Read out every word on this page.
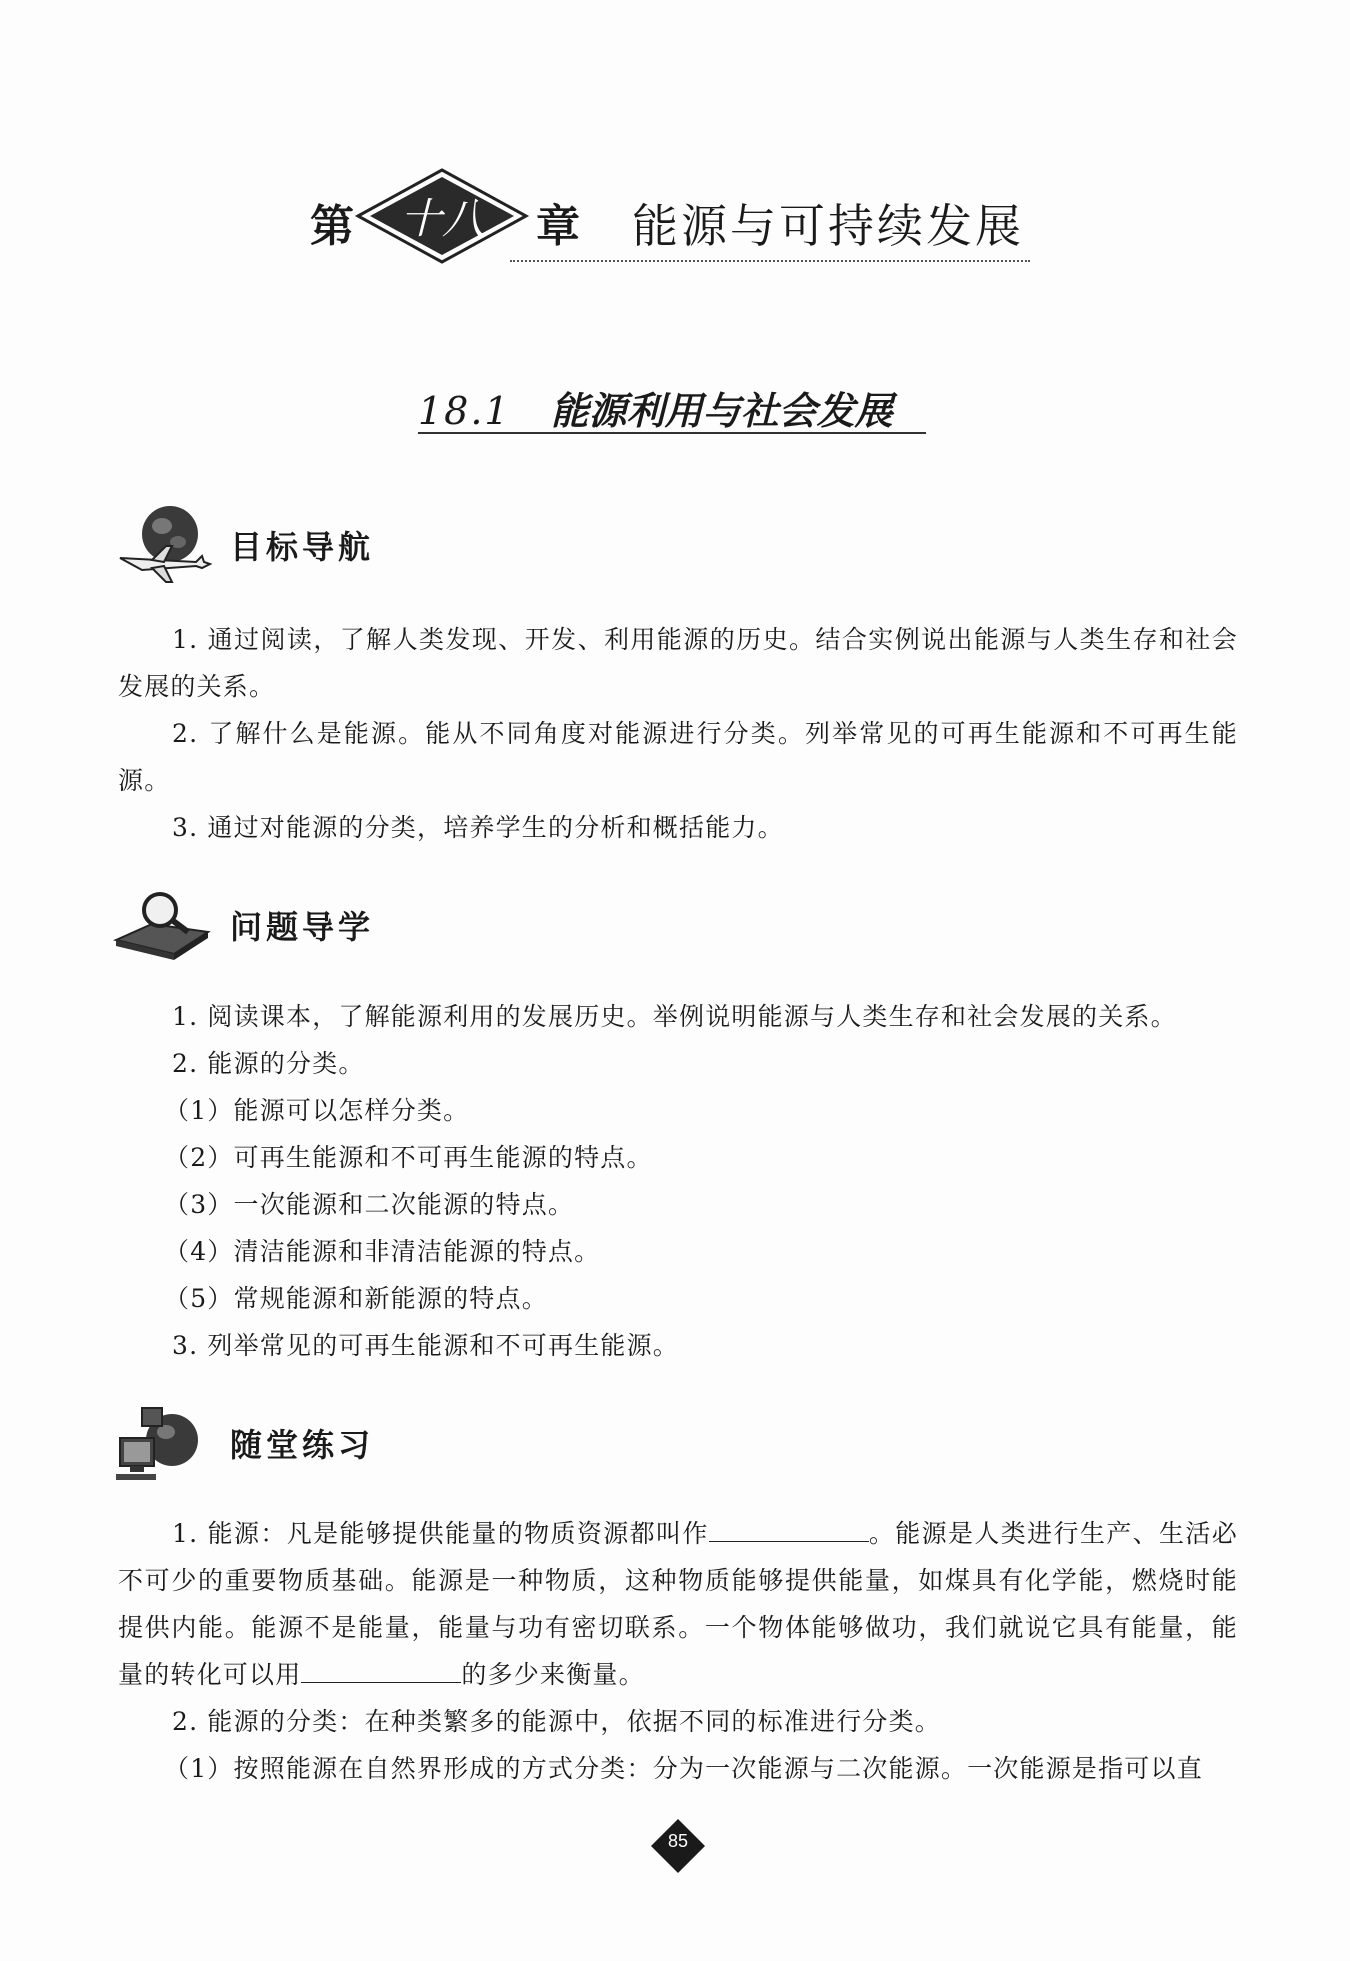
第	十八	章 能源与可持续发展
18.1 能源利用与社会发展
目标导航
1. 通过阅读，了解人类发现、开发、利用能源的历史。结合实例说出能源与人类生存和社会发展的关系。
2. 了解什么是能源。能从不同角度对能源进行分类。列举常见的可再生能源和不可再生能源。
3. 通过对能源的分类，培养学生的分析和概括能力。
问题导学
1. 阅读课本，了解能源利用的发展历史。举例说明能源与人类生存和社会发展的关系。
2. 能源的分类。
（1）能源可以怎样分类。
（2）可再生能源和不可再生能源的特点。
（3）一次能源和二次能源的特点。
（4）清洁能源和非清洁能源的特点。
（5）常规能源和新能源的特点。
3. 列举常见的可再生能源和不可再生能源。
随堂练习
1. 能源：凡是能够提供能量的物质资源都叫作	。能源是人类进行生产、生活必不可少的重要物质基础。能源是一种物质，这种物质能够提供能量，如煤具有化学能，燃烧时能提供内能。能源不是能量，能量与功有密切联系。一个物体能够做功，我们就说它具有能量，能量的转化可以用	的多少来衡量。
2. 能源的分类：在种类繁多的能源中，依据不同的标准进行分类。
（1）按照能源在自然界形成的方式分类：分为一次能源与二次能源。一次能源是指可以直
85
